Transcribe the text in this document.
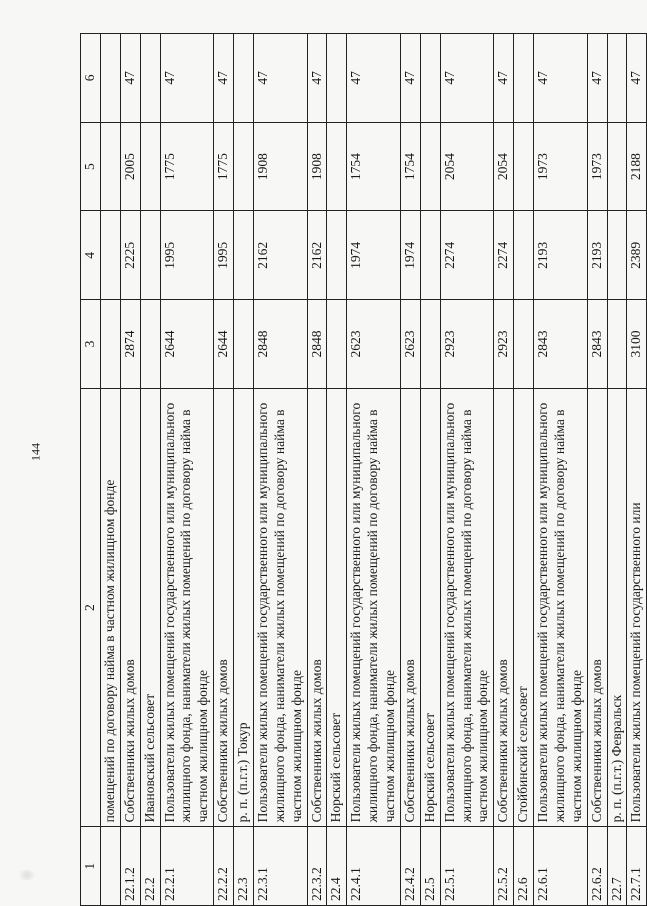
144
1	2	3	4	5	6
	помещений по договору найма в частном жилищном фонде				
22.1.2	Собственники жилых домов	2874	2225	2005	47
22.2	Ивановский сельсовет				
22.2.1	Пользователи жилых помещений государственного или муниципального жилищного фонда, наниматели жилых помещений по договору найма в частном жилищном фонде	2644	1995	1775	47
22.2.2	Собственники жилых домов	2644	1995	1775	47
22.3	р. п. (п.г.т.) Токур				
22.3.1	Пользователи жилых помещений государственного или муниципального жилищного фонда, наниматели жилых помещений по договору найма в частном жилищном фонде	2848	2162	1908	47
22.3.2	Собственники жилых домов	2848	2162	1908	47
22.4	Норский сельсовет				
22.4.1	Пользователи жилых помещений государственного или муниципального жилищного фонда, наниматели жилых помещений по договору найма в частном жилищном фонде	2623	1974	1754	47
22.4.2	Собственники жилых домов	2623	1974	1754	47
22.5	Норский сельсовет				
22.5.1	Пользователи жилых помещений государственного или муниципального жилищного фонда, наниматели жилых помещений по договору найма в частном жилищном фонде	2923	2274	2054	47
22.5.2	Собственники жилых домов	2923	2274	2054	47
22.6	Стойбинский сельсовет				
22.6.1	Пользователи жилых помещений государственного или муниципального жилищного фонда, наниматели жилых помещений по договору найма в частном жилищном фонде	2843	2193	1973	47
22.6.2	Собственники жилых домов	2843	2193	1973	47
22.7	р. п. (п.г.т.) Февральск				
22.7.1	Пользователи жилых помещений государственного или	3100	2389	2188	47
